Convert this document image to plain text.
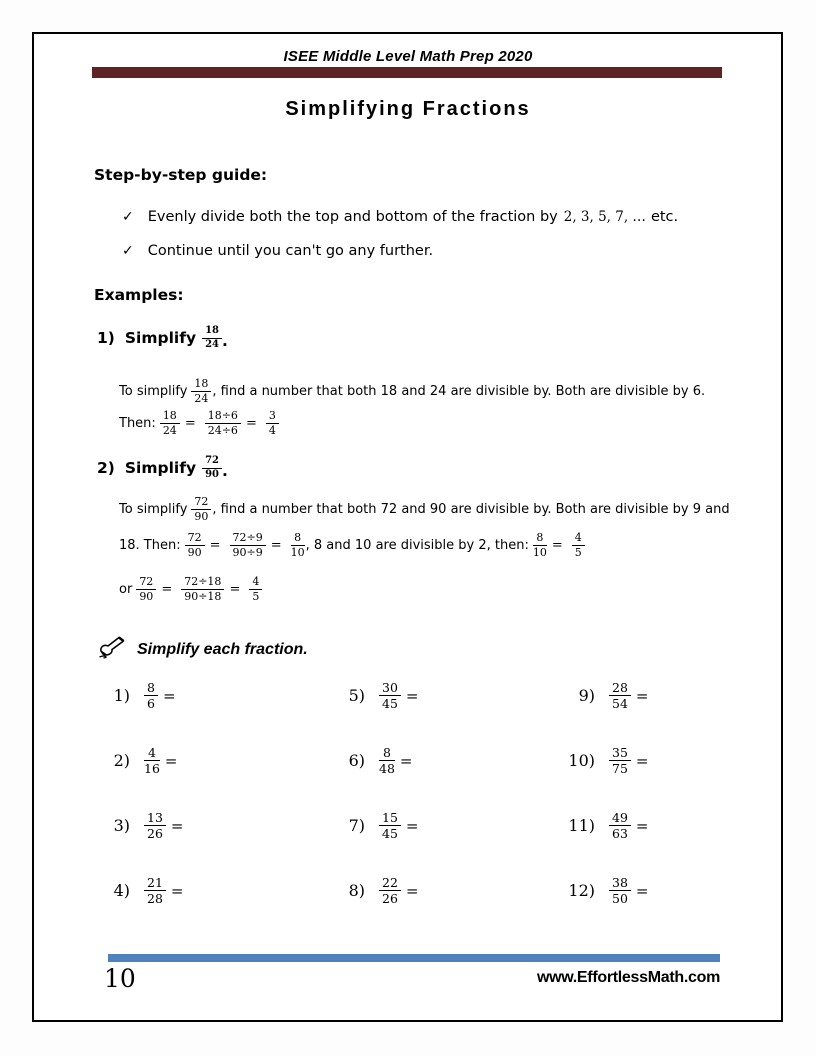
ISEE Middle Level Math Prep 2020
Simplifying Fractions
Step-by-step guide:
✓ Evenly divide both the top and bottom of the fraction by 2, 3, 5, 7, … etc.
✓ Continue until you can't go any further.
Examples:
1) Simplify $\frac{18}{24}$ .
To simplify $\frac{18}{24}$ , find a number that both 18 and 24 are divisible by. Both are divisible by 6.
Then: $\frac{18}{24} = \frac{18\div 6}{24\div 6} = \frac{3}{4}$
2) Simplify $\frac{72}{90}$ .
To simplify $\frac{72}{90}$ , find a number that both 72 and 90 are divisible by. Both are divisible by 9 and
18. Then: $\frac{72}{90} = \frac{72\div 9}{90\div 9} = \frac{8}{10}$ , 8 and 10 are divisible by 2, then: $\frac{8}{10} = \frac{4}{5}$
or $\frac{72}{90} = \frac{72\div 18}{90\div 18} = \frac{4}{5}$
Simplify each fraction.
$1) \frac{8}{6}$ =
$2) \frac{4}{16}$ =
$3) \frac{13}{26}$ =
$4) \frac{21}{28}$ =
$5) \frac{30}{45}$ =
$6) \frac{8}{48}$ =
$7) \frac{15}{45}$ =
$8) \frac{22}{26}$ =
$9) \frac{28}{54}$ =
$10) \frac{35}{75}$ =
$11) \frac{49}{63}$ =
$12) \frac{38}{50}$ =
10	www.EffortlessMath.com
